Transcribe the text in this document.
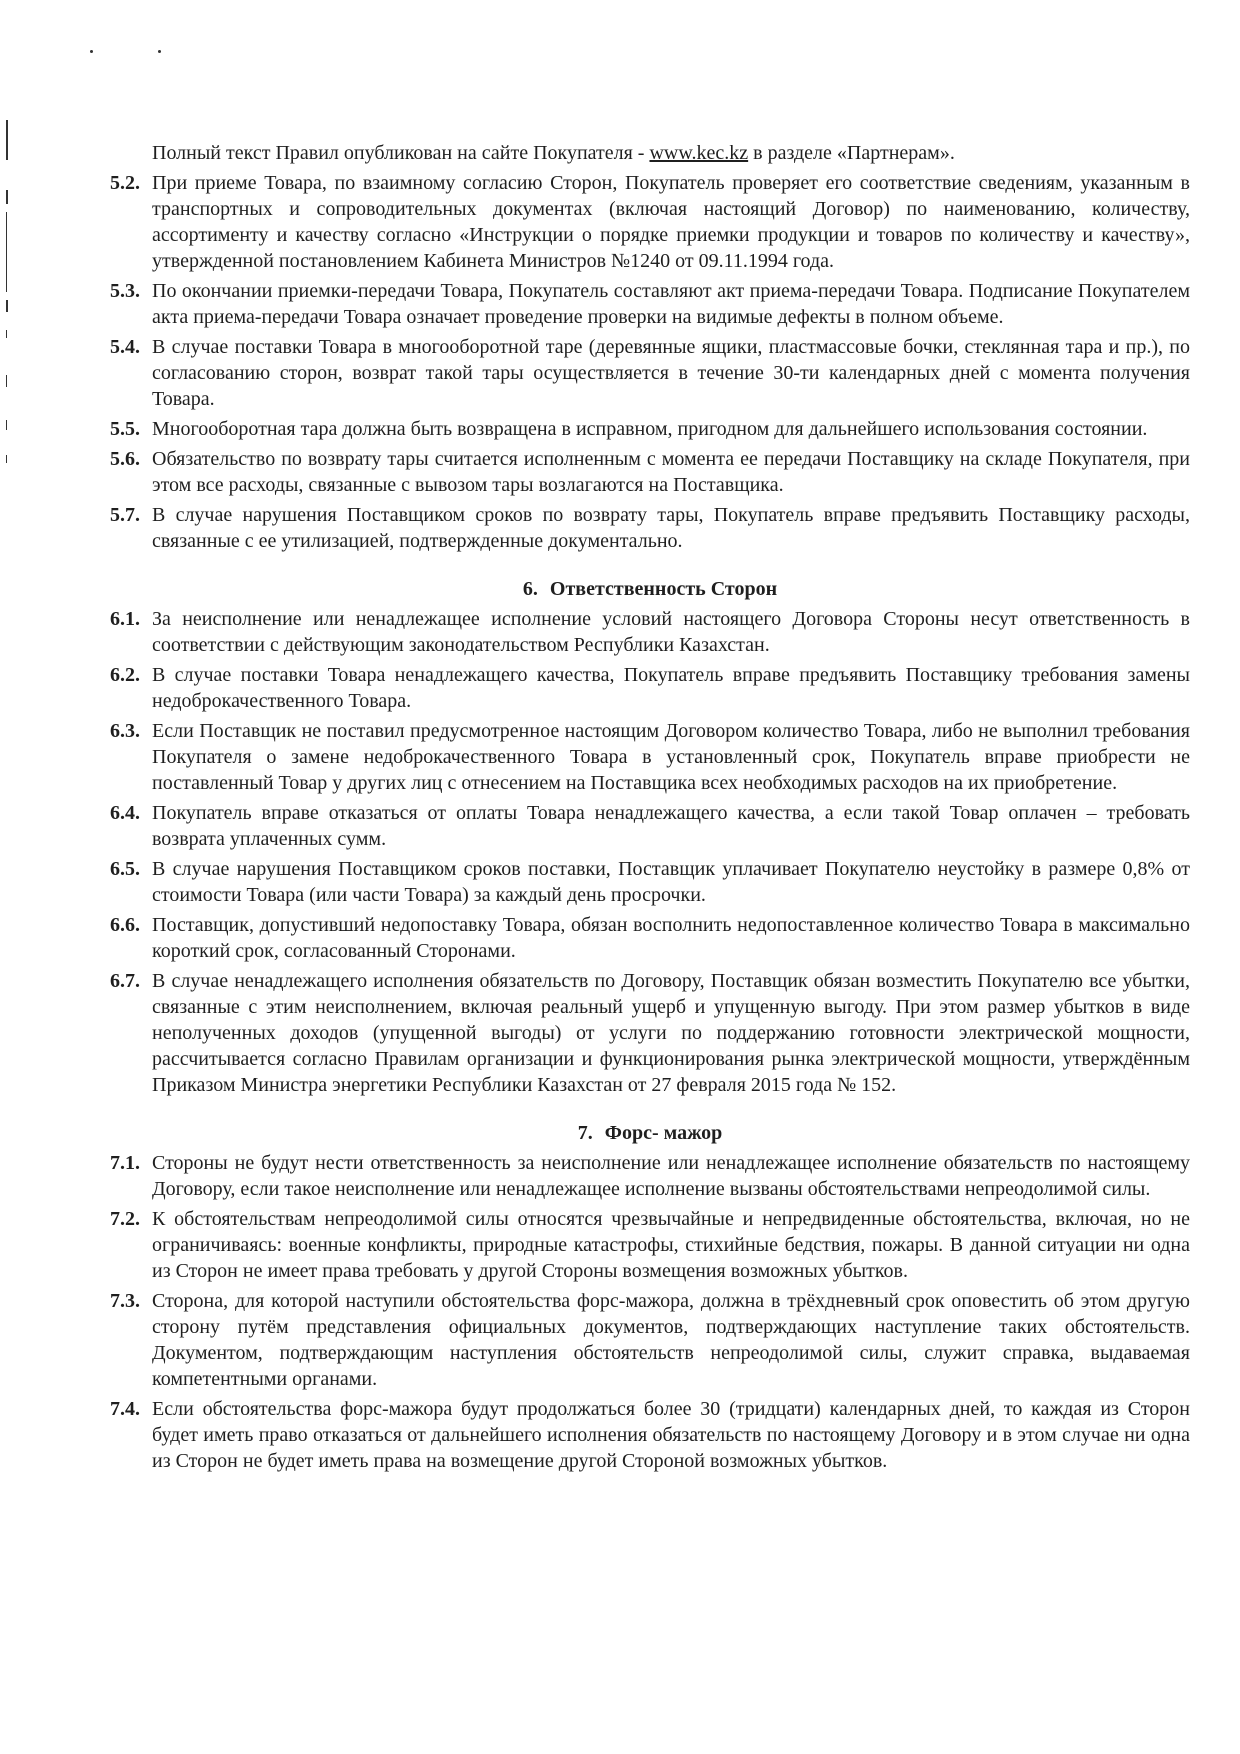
Полный текст Правил опубликован на сайте Покупателя - www.kec.kz в разделе «Партнерам».

5.2. При приеме Товара, по взаимному согласию Сторон, Покупатель проверяет его соответствие сведениям, указанным в транспортных и сопроводительных документах (включая настоящий Договор) по наименованию, количеству, ассортименту и качеству согласно «Инструкции о порядке приемки продукции и товаров по количеству и качеству», утвержденной постановлением Кабинета Министров №1240 от 09.11.1994 года.

5.3. По окончании приемки-передачи Товара, Покупатель составляют акт приема-передачи Товара. Подписание Покупателем акта приема-передачи Товара означает проведение проверки на видимые дефекты в полном объеме.

5.4. В случае поставки Товара в многооборотной таре (деревянные ящики, пластмассовые бочки, стеклянная тара и пр.), по согласованию сторон, возврат такой тары осуществляется в течение 30-ти календарных дней с момента получения Товара.

5.5. Многооборотная тара должна быть возвращена в исправном, пригодном для дальнейшего использования состоянии.

5.6. Обязательство по возврату тары считается исполненным с момента ее передачи Поставщику на складе Покупателя, при этом все расходы, связанные с вывозом тары возлагаются на Поставщика.

5.7. В случае нарушения Поставщиком сроков по возврату тары, Покупатель вправе предъявить Поставщику расходы, связанные с ее утилизацией, подтвержденные документально.

6. Ответственность Сторон

6.1. За неисполнение или ненадлежащее исполнение условий настоящего Договора Стороны несут ответственность в соответствии с действующим законодательством Республики Казахстан.

6.2. В случае поставки Товара ненадлежащего качества, Покупатель вправе предъявить Поставщику требования замены недоброкачественного Товара.

6.3. Если Поставщик не поставил предусмотренное настоящим Договором количество Товара, либо не выполнил требования Покупателя о замене недоброкачественного Товара в установленный срок, Покупатель вправе приобрести не поставленный Товар у других лиц с отнесением на Поставщика всех необходимых расходов на их приобретение.

6.4. Покупатель вправе отказаться от оплаты Товара ненадлежащего качества, а если такой Товар оплачен – требовать возврата уплаченных сумм.

6.5. В случае нарушения Поставщиком сроков поставки, Поставщик уплачивает Покупателю неустойку в размере 0,8% от стоимости Товара (или части Товара) за каждый день просрочки.

6.6. Поставщик, допустивший недопоставку Товара, обязан восполнить недопоставленное количество Товара в максимально короткий срок, согласованный Сторонами.

6.7. В случае ненадлежащего исполнения обязательств по Договору, Поставщик обязан возместить Покупателю все убытки, связанные с этим неисполнением, включая реальный ущерб и упущенную выгоду. При этом размер убытков в виде неполученных доходов (упущенной выгоды) от услуги по поддержанию готовности электрической мощности, рассчитывается согласно Правилам организации и функционирования рынка электрической мощности, утверждённым Приказом Министра энергетики Республики Казахстан от 27 февраля 2015 года № 152.

7. Форс- мажор

7.1. Стороны не будут нести ответственность за неисполнение или ненадлежащее исполнение обязательств по настоящему Договору, если такое неисполнение или ненадлежащее исполнение вызваны обстоятельствами непреодолимой силы.

7.2. К обстоятельствам непреодолимой силы относятся чрезвычайные и непредвиденные обстоятельства, включая, но не ограничиваясь: военные конфликты, природные катастрофы, стихийные бедствия, пожары. В данной ситуации ни одна из Сторон не имеет права требовать у другой Стороны возмещения возможных убытков.

7.3. Сторона, для которой наступили обстоятельства форс-мажора, должна в трёхдневный срок оповестить об этом другую сторону путём представления официальных документов, подтверждающих наступление таких обстоятельств. Документом, подтверждающим наступления обстоятельств непреодолимой силы, служит справка, выдаваемая компетентными органами.

7.4. Если обстоятельства форс-мажора будут продолжаться более 30 (тридцати) календарных дней, то каждая из Сторон будет иметь право отказаться от дальнейшего исполнения обязательств по настоящему Договору и в этом случае ни одна из Сторон не будет иметь права на возмещение другой Стороной возможных убытков.
